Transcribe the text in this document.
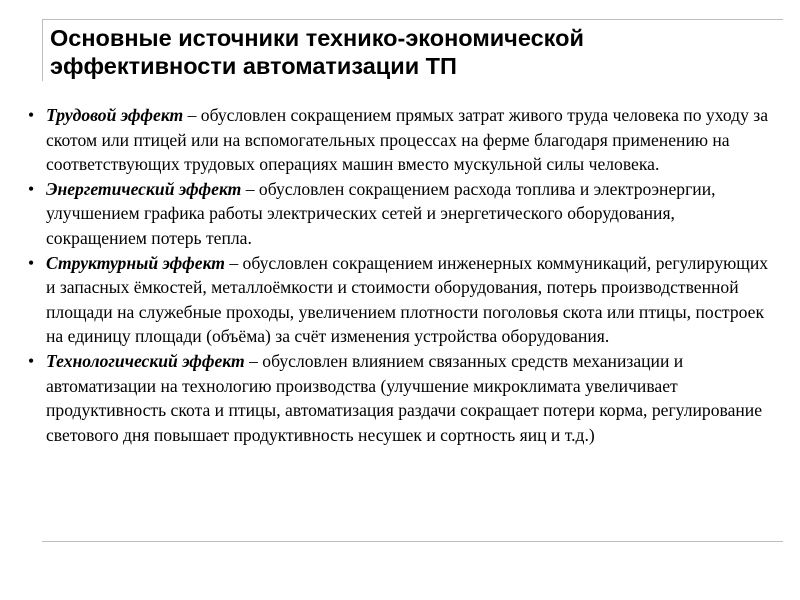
Основные источники технико-экономической
эффективности автоматизации ТП
• Трудовой эффект – обусловлен сокращением прямых затрат живого труда человека по уходу за скотом или птицей или на вспомогательных процессах на ферме благодаря применению на соответствующих трудовых операциях машин вместо мускульной силы человека.
• Энергетический эффект – обусловлен сокращением расхода топлива и электроэнергии, улучшением графика работы электрических сетей и энергетического оборудования, сокращением потерь тепла.
• Структурный эффект – обусловлен сокращением инженерных коммуникаций, регулирующих и запасных ёмкостей, металлоёмкости и стоимости оборудования, потерь производственной площади на служебные проходы, увеличением плотности поголовья скота или птицы, построек на единицу площади (объёма) за счёт изменения устройства оборудования.
• Технологический эффект – обусловлен влиянием связанных средств механизации и автоматизации на технологию производства (улучшение микроклимата увеличивает продуктивность скота и птицы, автоматизация раздачи сокращает потери корма, регулирование светового дня повышает продуктивность несушек и сортность яиц и т.д.)
